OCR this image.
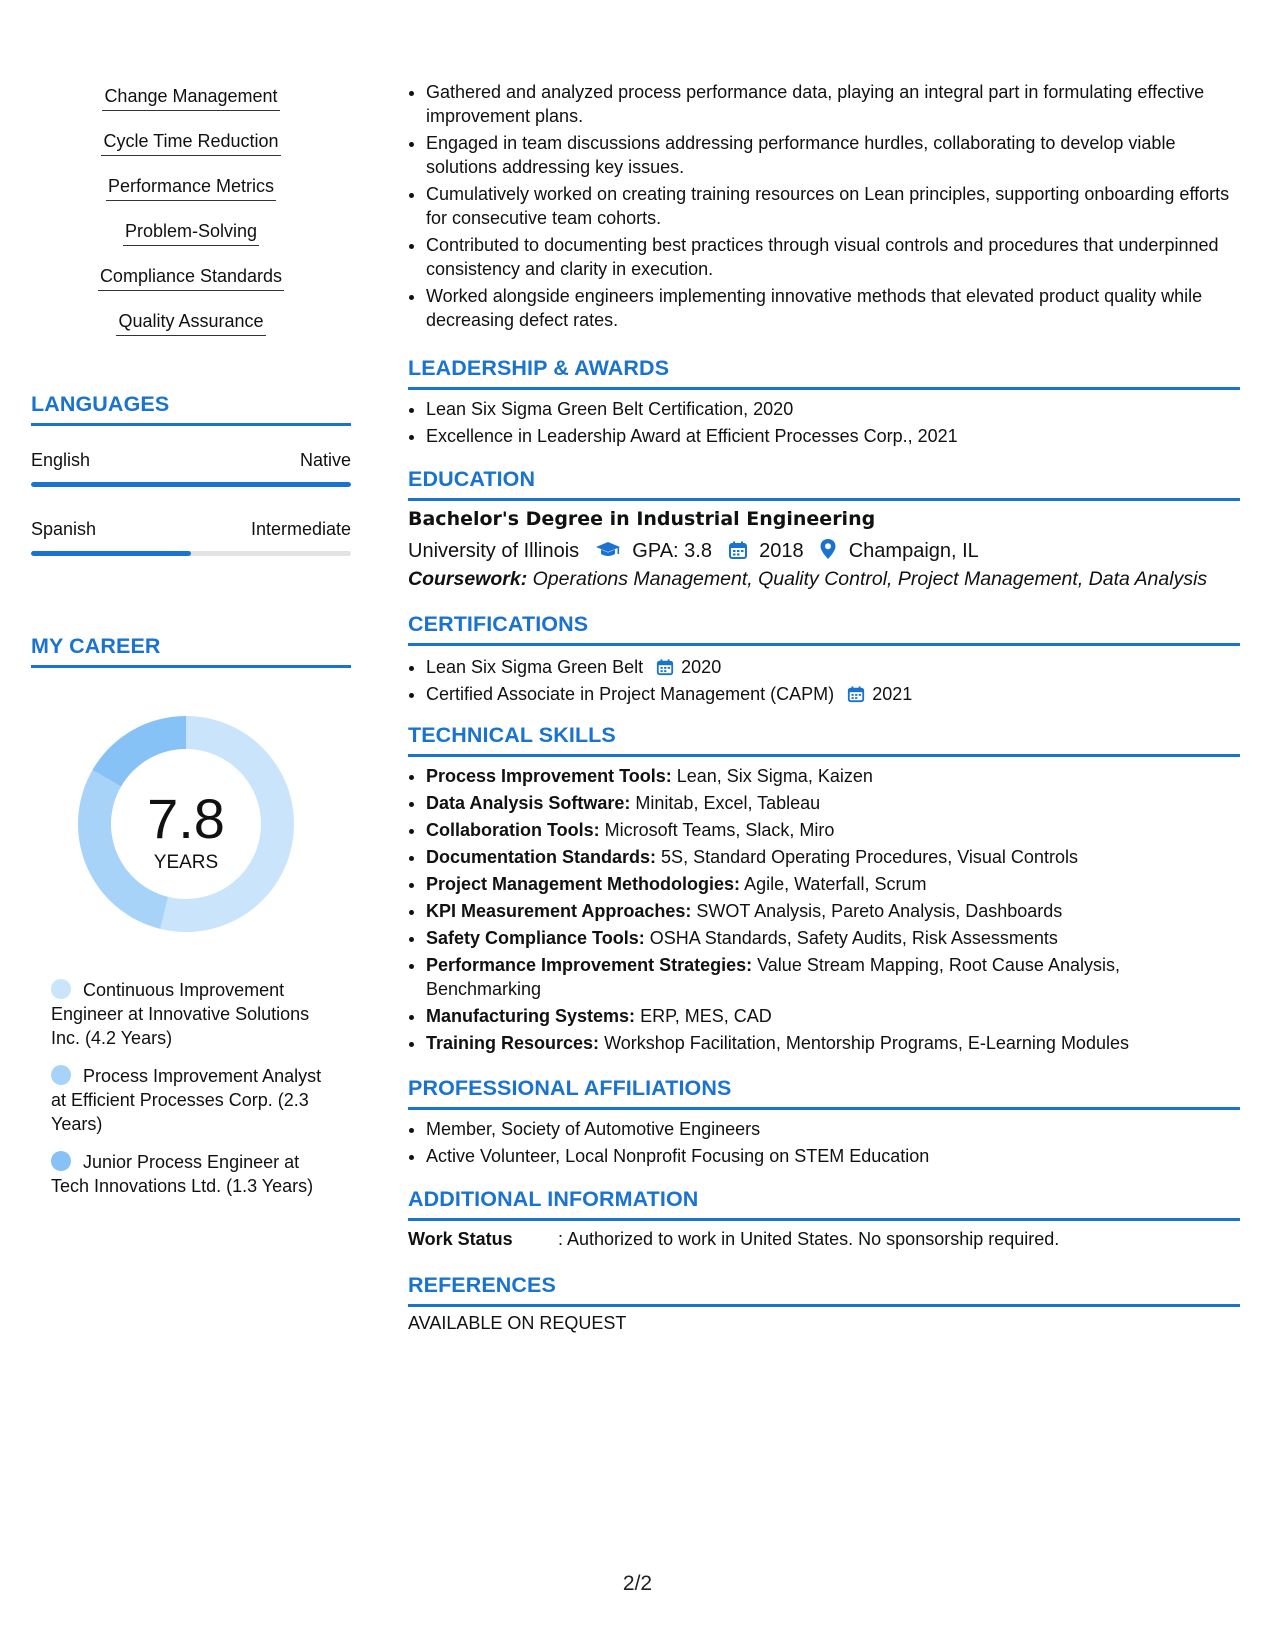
Change Management
Cycle Time Reduction
Performance Metrics
Problem-Solving
Compliance Standards
Quality Assurance
LANGUAGES
English	Native
Spanish	Intermediate
MY CAREER
7.8
YEARS
Continuous Improvement Engineer at Innovative Solutions Inc. (4.2 Years)
Process Improvement Analyst at Efficient Processes Corp. (2.3 Years)
Junior Process Engineer at Tech Innovations Ltd. (1.3 Years)
• Gathered and analyzed process performance data, playing an integral part in formulating effective improvement plans.
• Engaged in team discussions addressing performance hurdles, collaborating to develop viable solutions addressing key issues.
• Cumulatively worked on creating training resources on Lean principles, supporting onboarding efforts for consecutive team cohorts.
• Contributed to documenting best practices through visual controls and procedures that underpinned consistency and clarity in execution.
• Worked alongside engineers implementing innovative methods that elevated product quality while decreasing defect rates.
LEADERSHIP & AWARDS
• Lean Six Sigma Green Belt Certification, 2020
• Excellence in Leadership Award at Efficient Processes Corp., 2021
EDUCATION
Bachelor's Degree in Industrial Engineering
University of Illinois	GPA: 3.8 2018 Champaign, IL
Coursework: Operations Management, Quality Control, Project Management, Data Analysis
CERTIFICATIONS
• Lean Six Sigma Green Belt 2020
• Certified Associate in Project Management (CAPM) 2021
TECHNICAL SKILLS
• Process Improvement Tools: Lean, Six Sigma, Kaizen
• Data Analysis Software: Minitab, Excel, Tableau
• Collaboration Tools: Microsoft Teams, Slack, Miro
• Documentation Standards: 5S, Standard Operating Procedures, Visual Controls
• Project Management Methodologies: Agile, Waterfall, Scrum
• KPI Measurement Approaches: SWOT Analysis, Pareto Analysis, Dashboards
• Safety Compliance Tools: OSHA Standards, Safety Audits, Risk Assessments
• Performance Improvement Strategies: Value Stream Mapping, Root Cause Analysis, Benchmarking
• Manufacturing Systems: ERP, MES, CAD
• Training Resources: Workshop Facilitation, Mentorship Programs, E-Learning Modules
PROFESSIONAL AFFILIATIONS
• Member, Society of Automotive Engineers
• Active Volunteer, Local Nonprofit Focusing on STEM Education
ADDITIONAL INFORMATION
Work Status	: Authorized to work in United States. No sponsorship required.
REFERENCES
AVAILABLE ON REQUEST
2/2
